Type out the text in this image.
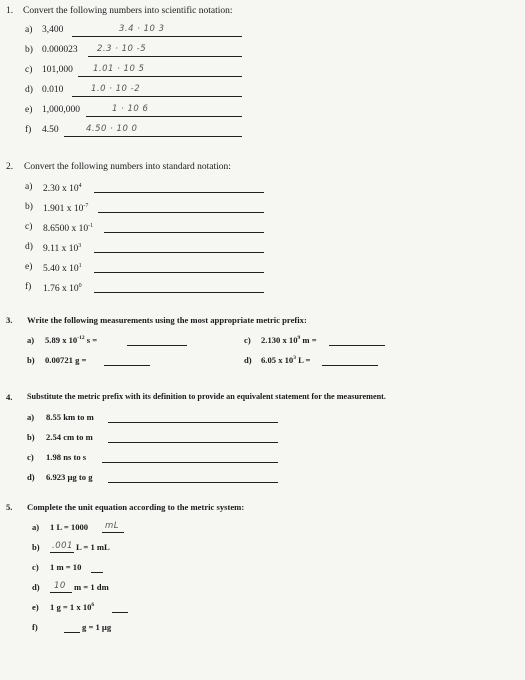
1. Convert the following numbers into scientific notation:
a) 3,400	3.4 · 10 3
b) 0.000023 2.3 · 10 -5
c) 101,000 1.01 · 10 5
d) 0.010	1.0 · 10 -2
e) 1,000,000	1 · 10 6
f) 4.50	4.50 · 10 0
2. Convert the following numbers into standard notation:
a) 2.30 x $10^4$
b) 1.901 x $10^{-7}$
c) 8.6500 x $10^{-1}$
d) 9.11 x $10^3$
e) 5.40 x $10^1$
f) 1.76 x $10^0$
3. Write the following measurements using the most appropriate metric prefix:
a) 5.89 x $10^{-12}$ s =
b) 0.00721 g =
c) 2.130 x $10^9$ m =
d) 6.05 x $10^3$ L =
4. Substitute the metric prefix with its definition to provide an equivalent statement for the measurement.
a) 8.55 km to m
b) 2.54 cm to m
c) 1.98 ns to s
d) 6.923 µg to g
5. Complete the unit equation according to the metric system:
a) 1 L = 1000 mL
b) .001 L = 1 mL
c) 1 m = 10
d) 10 m = 1 dm
e) 1 g = 1 x $10^6$
f)	g = 1 µg
